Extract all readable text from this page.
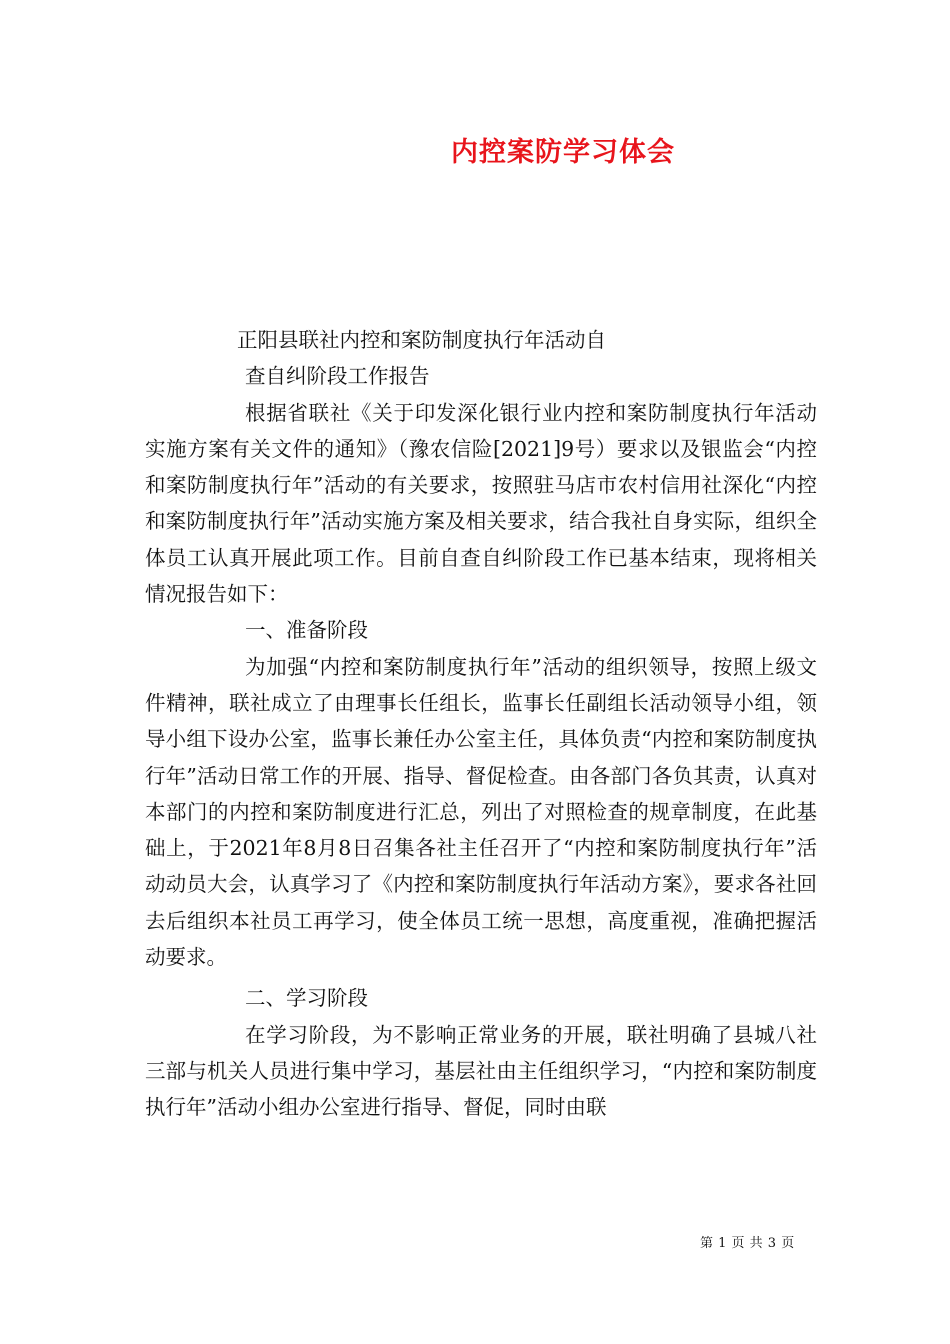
内控案防学习体会

正阳县联社内控和案防制度执行年活动自

查自纠阶段工作报告

根据省联社《关于印发深化银行业内控和案防制度执行年活动实施方案有关文件的通知》（豫农信险[2021]9号）要求以及银监会“内控和案防制度执行年”活动的有关要求，按照驻马店市农村信用社深化“内控和案防制度执行年”活动实施方案及相关要求，结合我社自身实际，组织全体员工认真开展此项工作。目前自查自纠阶段工作已基本结束，现将相关情况报告如下：

一、准备阶段

为加强“内控和案防制度执行年”活动的组织领导，按照上级文件精神，联社成立了由理事长任组长，监事长任副组长活动领导小组，领导小组下设办公室，监事长兼任办公室主任，具体负责“内控和案防制度执行年”活动日常工作的开展、指导、督促检查。由各部门各负其责，认真对本部门的内控和案防制度进行汇总，列出了对照检查的规章制度，在此基础上，于2021年8月8日召集各社主任召开了“内控和案防制度执行年”活动动员大会，认真学习了《内控和案防制度执行年活动方案》，要求各社回去后组织本社员工再学习，使全体员工统一思想，高度重视，准确把握活动要求。

二、学习阶段

在学习阶段，为不影响正常业务的开展，联社明确了县城八社三部与机关人员进行集中学习，基层社由主任组织学习，“内控和案防制度执行年”活动小组办公室进行指导、督促，同时由联

第 1 页 共 3 页
